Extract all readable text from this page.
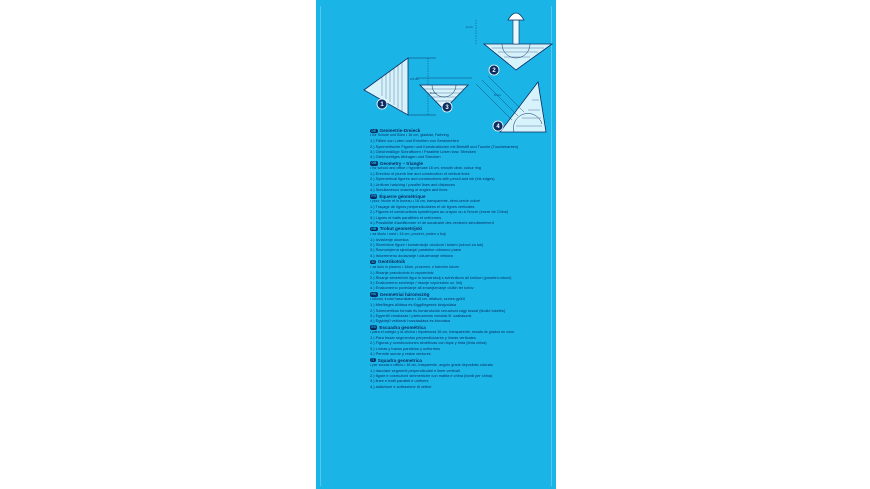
2,5 cm
6 cm	5 cm
2 cm
1
2
3
4
DE Geometrie-Dreieck
• für Schule und Büro • 16 cm, glasklar, Farbring
1.) Fällen von Loten und Errichten von Senkrechten
2.) Symmetrische Figuren und Konstruktionen mit Bleistift und Tusche (Tuschekanten)
3.) Gleichmäßige Schraffuren / Parallele Linien bzw. Strecken
4.) Gleichzeitiges Abtragen und Strecken
GB Geometry – triangle
• for school and office • hypotenuse 16 cm, smooth clear, colour ring
1.) Erection of plumb line and construction of vertical lines
2.) Symmetrical figures and constructions with pencil and ink (ink edges)
3.) Uniform hatching / parallel lines and distances
4.) Simultaneous drawing of angles and lines
FR Équerre géométrique
• pour l'école et le bureau • 16 cm, transparente, demi-cercle coloré
1.) Traçage de lignes perpendiculaires et de lignes verticales
2.) Figures et constructions symétriques au crayon ou à l'encre (encre de Chine)
3.) Lignes et traits parallèles et uniformes
4.) Possibilité d'additionner et de soustraire des vecteurs simultanément
HR Trokut geometrijski
• za školu i ured • 16 cm, prozirni, prsten u boji
1.) Izvlačenje okomica
2.) Simetrične figure i konstrukcije olovkom i tušem (rubovi za tuš)
3.) Ravnomjerna sjenčanja/ paralelne odnosno prave
4.) Istovremeno dodavanje i oduzimanje vektora
SI Geotrikotnik
• za šolo in pisarno • 16cm, prozoren, z barvnim lokom
1.) Risanje pravokotnic in vzporednic
2.) Risanje simetričnih figur in konstrukcij s svinčnikom ali črnilom (posebni robovi)
3.) Enakomerno senčenje / risanje vzporednic oz. linij
4.) Enakomerno povečanje ali zmanjševanje dolžin ter kotov
HU Geometriai háromszög
• iskolai, irodai használatra • 16 cm, átlátszó, színes gyűrű
1.) Merőleges állítása és függőlegesek kirajzolása
2.) Szimmetrikus formák és konstrukciók ceruzával vagy tussal (kiváló tusélek)
3.) Egyenlő vonalazás / párhuzamos vonalak ill. szakaszok
4.) Egyidejű vektorok hozzáadása és kivonása
ES Escuadra geométrica
• para el colegio y la oficina • hipotenusa 16 cm, transparente, escala de grados en color
1.) Para trazar segmentos perpendiculares y líneas verticales.
2.) Figuras y construcciones simétricas con lápiz y tinta (tinta china)
3.) Líneas y trazos paralelos y uniformes
4.) Permite sumar y restar vectores
IT Squadra geometrica
• per scuola e ufficio • 16 cm, trasparente, angolo grade depositato colorato
1.) tracciare segmenti perpendicolari e linee verticali.
2.) figure e costruzioni simmetriche con matita e china (bordi per china)
3.) linee e tratti paralleli e uniformi
4.) addizione e sottrazione di vettori
